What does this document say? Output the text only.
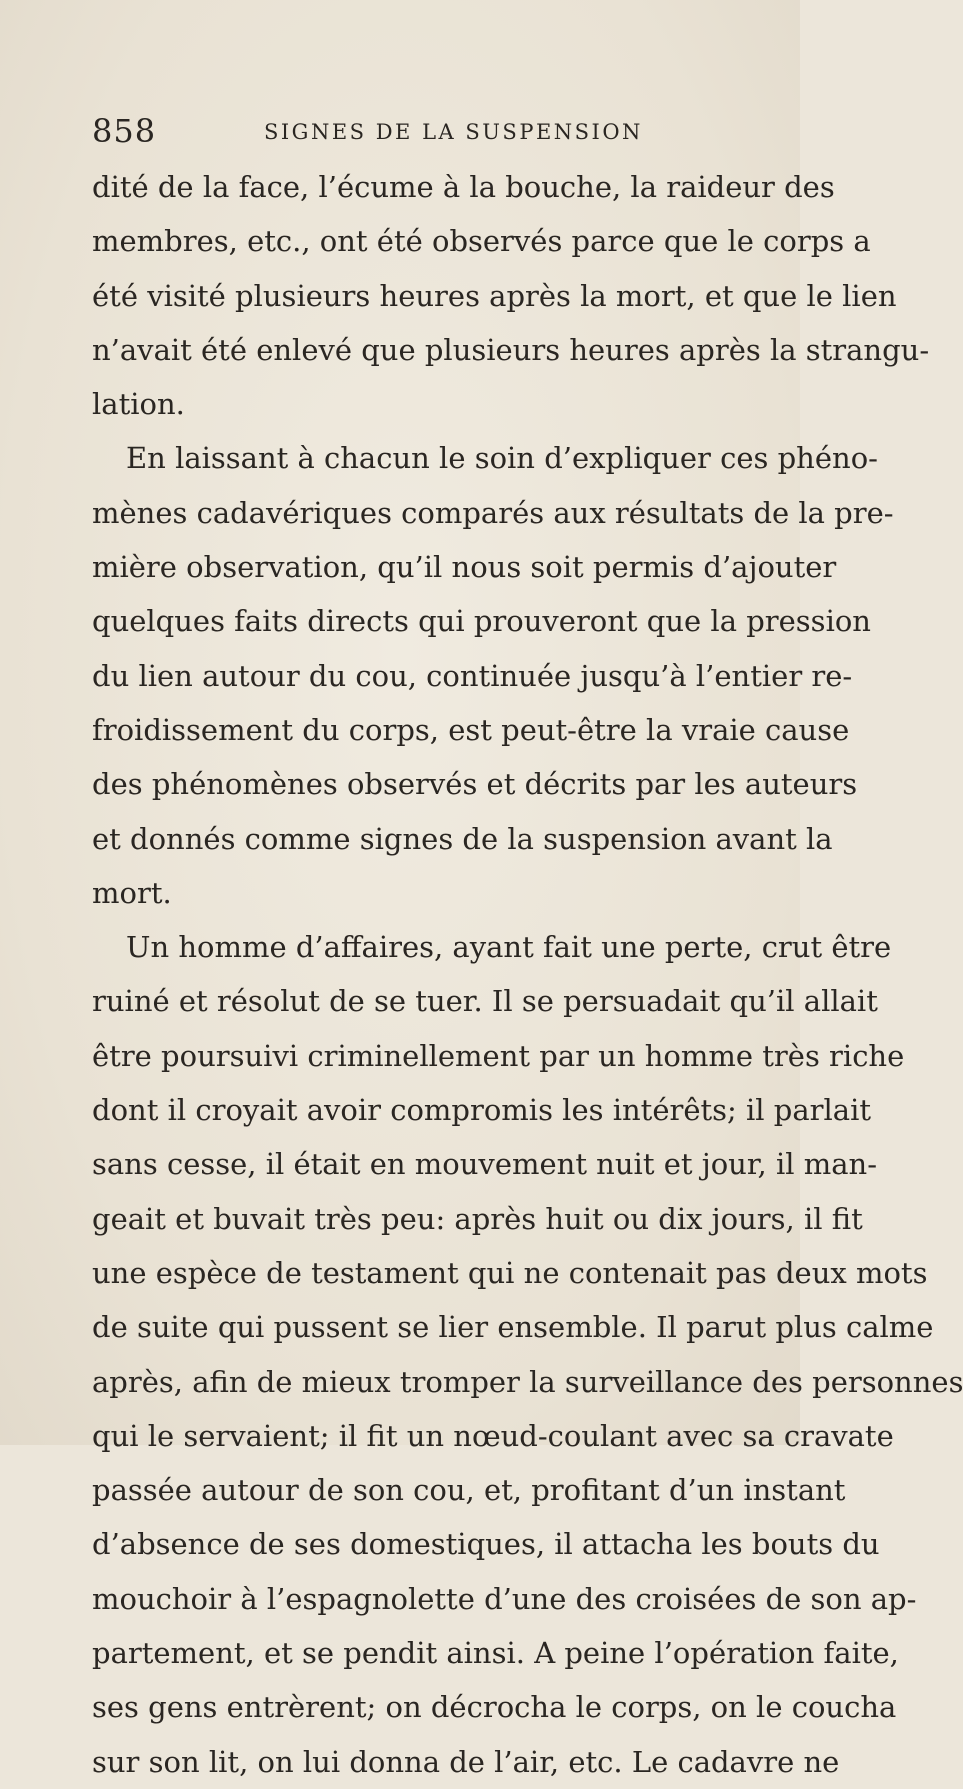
858	SIGNES DE LA SUSPENSION
dité de la face, l’écume à la bouche, la raideur des
membres, etc., ont été observés parce que le corps a
été visité plusieurs heures après la mort, et que le lien
n’avait été enlevé que plusieurs heures après la strangu-
lation.
En laissant à chacun le soin d’expliquer ces phéno-
mènes cadavériques comparés aux résultats de la pre-
mière observation, qu’il nous soit permis d’ajouter
quelques faits directs qui prouveront que la pression
du lien autour du cou, continuée jusqu’à l’entier re-
froidissement du corps, est peut-être la vraie cause
des phénomènes observés et décrits par les auteurs
et donnés comme signes de la suspension avant la
mort.
Un homme d’affaires, ayant fait une perte, crut être
ruiné et résolut de se tuer. Il se persuadait qu’il allait
être poursuivi criminellement par un homme très riche
dont il croyait avoir compromis les intérêts; il parlait
sans cesse, il était en mouvement nuit et jour, il man-
geait et buvait très peu: après huit ou dix jours, il fit
une espèce de testament qui ne contenait pas deux mots
de suite qui pussent se lier ensemble. Il parut plus calme
après, afin de mieux tromper la surveillance des personnes
qui le servaient; il fit un nœud-coulant avec sa cravate
passée autour de son cou, et, profitant d’un instant
d’absence de ses domestiques, il attacha les bouts du
mouchoir à l’espagnolette d’une des croisées de son ap-
partement, et se pendit ainsi. A peine l’opération faite,
ses gens entrèrent; on décrocha le corps, on le coucha
sur son lit, on lui donna de l’air, etc. Le cadavre ne
